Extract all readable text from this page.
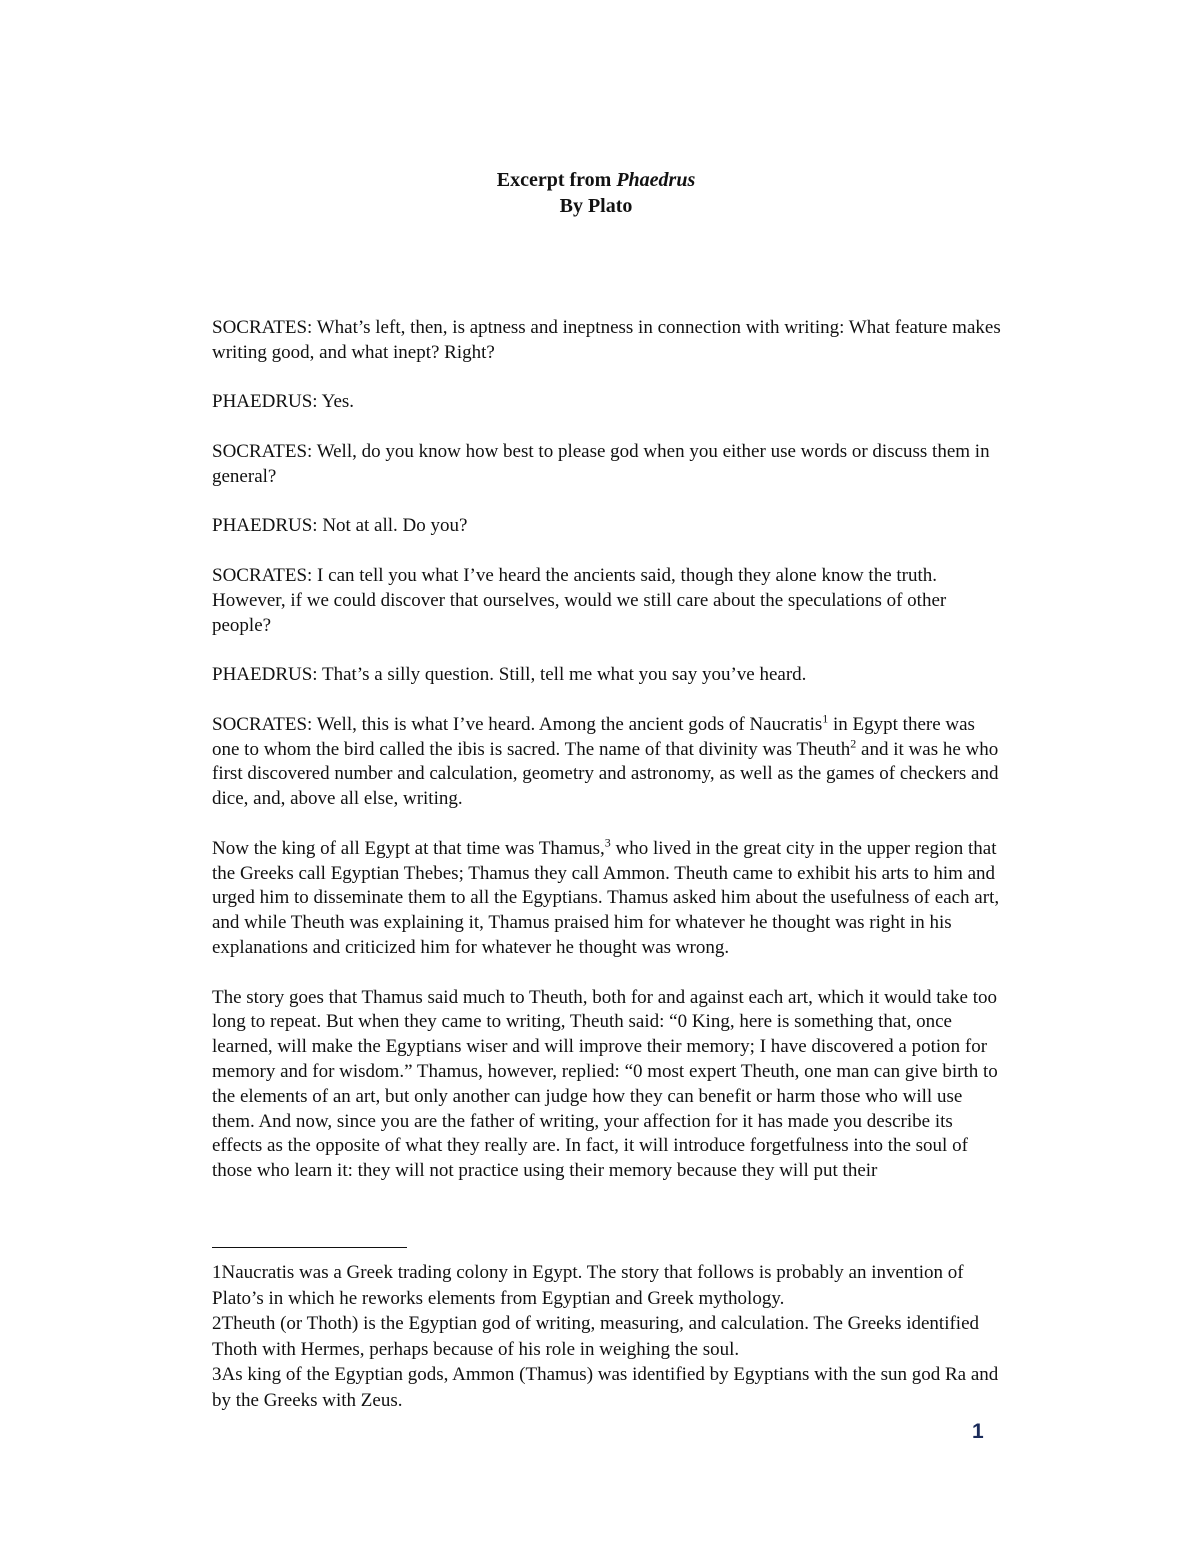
Excerpt from Phaedrus
By Plato

SOCRATES: What’s left, then, is aptness and ineptness in connection with writing: What feature makes writing good, and what inept? Right?

PHAEDRUS: Yes.

SOCRATES: Well, do you know how best to please god when you either use words or discuss them in general?

PHAEDRUS: Not at all. Do you?

SOCRATES: I can tell you what I’ve heard the ancients said, though they alone know the truth. However, if we could discover that ourselves, would we still care about the speculations of other people?

PHAEDRUS: That’s a silly question. Still, tell me what you say you’ve heard.

SOCRATES: Well, this is what I’ve heard. Among the ancient gods of Naucratis$^1$ in Egypt there was one to whom the bird called the ibis is sacred. The name of that divinity was Theuth$^2$ and it was he who first discovered number and calculation, geometry and astronomy, as well as the games of checkers and dice, and, above all else, writing.

Now the king of all Egypt at that time was Thamus,$^3$ who lived in the great city in the upper region that the Greeks call Egyptian Thebes; Thamus they call Ammon. Theuth came to exhibit his arts to him and urged him to disseminate them to all the Egyptians. Thamus asked him about the usefulness of each art, and while Theuth was explaining it, Thamus praised him for whatever he thought was right in his explanations and criticized him for whatever he thought was wrong.

The story goes that Thamus said much to Theuth, both for and against each art, which it would take too long to repeat. But when they came to writing, Theuth said: “0 King, here is something that, once learned, will make the Egyptians wiser and will improve their memory; I have discovered a potion for memory and for wisdom.” Thamus, however, replied: “0 most expert Theuth, one man can give birth to the elements of an art, but only another can judge how they can benefit or harm those who will use them. And now, since you are the father of writing, your affection for it has made you describe its effects as the opposite of what they really are. In fact, it will introduce forgetfulness into the soul of those who learn it: they will not practice using their memory because they will put their

1Naucratis was a Greek trading colony in Egypt. The story that follows is probably an invention of Plato’s in which he reworks elements from Egyptian and Greek mythology.
2Theuth (or Thoth) is the Egyptian god of writing, measuring, and calculation. The Greeks identified Thoth with Hermes, perhaps because of his role in weighing the soul.
3As king of the Egyptian gods, Ammon (Thamus) was identified by Egyptians with the sun god Ra and by the Greeks with Zeus.
1
